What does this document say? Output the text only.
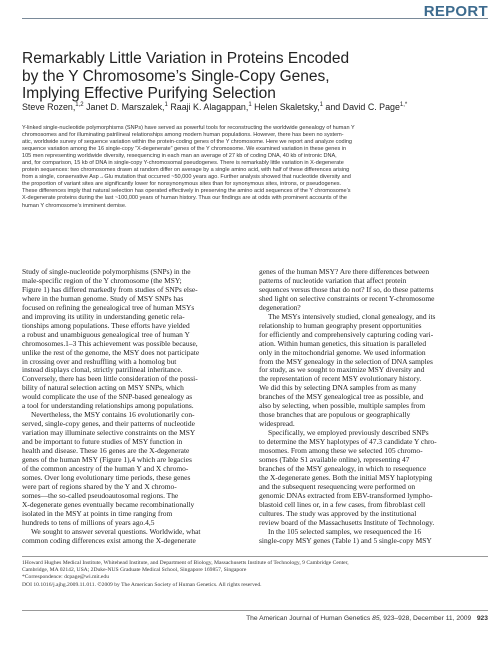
REPORT
Remarkably Little Variation in Proteins Encoded
by the Y Chromosome’s Single-Copy Genes,
Implying Effective Purifying Selection
Steve Rozen,$^{1,2}$ Janet D. Marszalek,$^1$ Raaji K. Alagappan,$^1$ Helen Skaletsky,$^1$ and David C. Page$^{1,*}$
Y-linked single-nucleotide polymorphisms (SNPs) have served as powerful tools for reconstructing the worldwide genealogy of human Y
chromosomes and for illuminating patrilineal relationships among modern human populations. However, there has been no system-
atic, worldwide survey of sequence variation within the protein-coding genes of the Y chromosome. Here we report and analyze coding
sequence variation among the 16 single-copy “X-degenerate” genes of the Y chromosome. We examined variation in these genes in
105 men representing worldwide diversity, resequencing in each man an average of 27 kb of coding DNA, 40 kb of intronic DNA,
and, for comparison, 15 kb of DNA in single-copy Y-chromosomal pseudogenes. There is remarkably little variation in X-degenerate
protein sequences: two chromosomes drawn at random differ on average by a single amino acid, with half of these differences arising
from a single, conservative Asp→Glu mutation that occurred ~50,000 years ago. Further analysis showed that nucleotide diversity and
the proportion of variant sites are significantly lower for nonsynonymous sites than for synonymous sites, introns, or pseudogenes.
These differences imply that natural selection has operated effectively in preserving the amino acid sequences of the Y chromosome’s
X-degenerate proteins during the last ~100,000 years of human history. Thus our findings are at odds with prominent accounts of the
human Y chromosome’s imminent demise.
Study of single-nucleotide polymorphisms (SNPs) in the
male-specific region of the Y chromosome (the MSY;
Figure 1) has differed markedly from studies of SNPs else-
where in the human genome. Study of MSY SNPs has
focused on refining the genealogical tree of human MSYs
and improving its utility in understanding genetic rela-
tionships among populations. These efforts have yielded
a robust and unambiguous genealogical tree of human Y
chromosomes.1–3 This achievement was possible because,
unlike the rest of the genome, the MSY does not participate
in crossing over and reshuffling with a homolog but
instead displays clonal, strictly patrilineal inheritance.
Conversely, there has been little consideration of the possi-
bility of natural selection acting on MSY SNPs, which
would complicate the use of the SNP-based genealogy as
a tool for understanding relationships among populations.
Nevertheless, the MSY contains 16 evolutionarily con-
served, single-copy genes, and their patterns of nucleotide
variation may illuminate selective constraints on the MSY
and be important to future studies of MSY function in
health and disease. These 16 genes are the X-degenerate
genes of the human MSY (Figure 1),4 which are legacies
of the common ancestry of the human Y and X chromo-
somes. Over long evolutionary time periods, these genes
were part of regions shared by the Y and X chromo-
somes—the so-called pseudoautosomal regions. The
X-degenerate genes eventually became recombinationally
isolated in the MSY at points in time ranging from
hundreds to tens of millions of years ago.4,5
We sought to answer several questions. Worldwide, what
common coding differences exist among the X-degenerate
genes of the human MSY? Are there differences between
patterns of nucleotide variation that affect protein
sequences versus those that do not? If so, do these patterns
shed light on selective constraints or recent Y-chromosome
degeneration?
The MSYs intensively studied, clonal genealogy, and its
relationship to human geography present opportunities
for efficiently and comprehensively capturing coding vari-
ation. Within human genetics, this situation is paralleled
only in the mitochondrial genome. We used information
from the MSY genealogy in the selection of DNA samples
for study, as we sought to maximize MSY diversity and
the representation of recent MSY evolutionary history.
We did this by selecting DNA samples from as many
branches of the MSY genealogical tree as possible, and
also by selecting, when possible, multiple samples from
those branches that are populous or geographically
widespread.
Specifically, we employed previously described SNPs
to determine the MSY haplotypes of 47.3 candidate Y chro-
mosomes. From among these we selected 105 chromo-
somes (Table S1 available online), representing 47
branches of the MSY genealogy, in which to resequence
the X-degenerate genes. Both the initial MSY haplotyping
and the subsequent resequencing were performed on
genomic DNAs extracted from EBV-transformed lympho-
blastoid cell lines or, in a few cases, from fibroblast cell
cultures. The study was approved by the institutional
review board of the Massachusetts Institute of Technology.
In the 105 selected samples, we resequenced the 16
single-copy MSY genes (Table 1) and 5 single-copy MSY
1Howard Hughes Medical Institute, Whitehead Institute, and Department of Biology, Massachusetts Institute of Technology, 9 Cambridge Center,
Cambridge, MA 02142, USA; 2Duke-NUS Graduate Medical School, Singapore 169857, Singapore
*Correspondence: dcpage@wi.mit.edu
DOI 10.1016/j.ajhg.2009.11.011. ©2009 by The American Society of Human Genetics. All rights reserved.
The American Journal of Human Genetics 85, 923–928, December 11, 2009 923
